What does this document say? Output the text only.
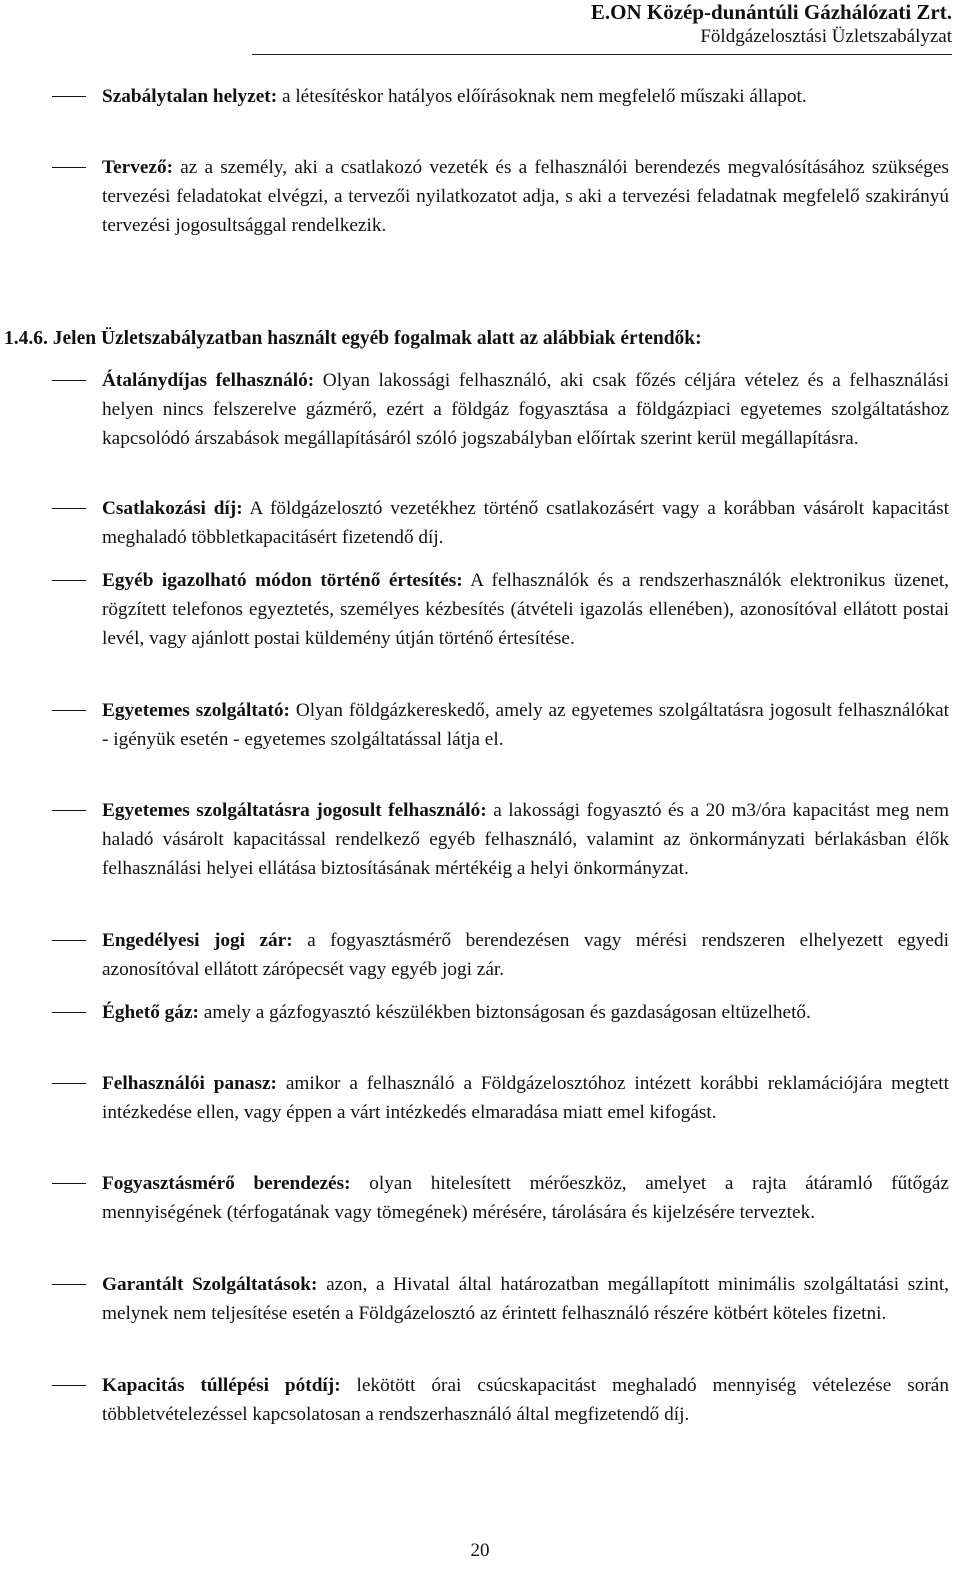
E.ON Közép-dunántúli Gázhálózati Zrt.
Földgázelosztási Üzletszabályzat
Szabálytalan helyzet: a létesítéskor hatályos előírásoknak nem megfelelő műszaki állapot.
Tervező: az a személy, aki a csatlakozó vezeték és a felhasználói berendezés megvalósításához szükséges tervezési feladatokat elvégzi, a tervezői nyilatkozatot adja, s aki a tervezési feladatnak megfelelő szakirányú tervezési jogosultsággal rendelkezik.
1.4.6. Jelen Üzletszabályzatban használt egyéb fogalmak alatt az alábbiak értendők:
Átalánydíjas felhasználó: Olyan lakossági felhasználó, aki csak főzés céljára vételez és a felhasználási helyen nincs felszerelve gázmérő, ezért a földgáz fogyasztása a földgázpiaci egyetemes szolgáltatáshoz kapcsolódó árszabások megállapításáról szóló jogszabályban előírtak szerint kerül megállapításra.
Csatlakozási díj: A földgázelosztó vezetékhez történő csatlakozásért vagy a korábban vásárolt kapacitást meghaladó többletkapacitásért fizetendő díj.
Egyéb igazolható módon történő értesítés: A felhasználók és a rendszerhasználók elektronikus üzenet, rögzített telefonos egyeztetés, személyes kézbesítés (átvételi igazolás ellenében), azonosítóval ellátott postai levél, vagy ajánlott postai küldemény útján történő értesítése.
Egyetemes szolgáltató: Olyan földgázkereskedő, amely az egyetemes szolgáltatásra jogosult felhasználókat - igényük esetén - egyetemes szolgáltatással látja el.
Egyetemes szolgáltatásra jogosult felhasználó: a lakossági fogyasztó és a 20 m3/óra kapacitást meg nem haladó vásárolt kapacitással rendelkező egyéb felhasználó, valamint az önkormányzati bérlakásban élők felhasználási helyei ellátása biztosításának mértékéig a helyi önkormányzat.
Engedélyesi jogi zár: a fogyasztásmérő berendezésen vagy mérési rendszeren elhelyezett egyedi azonosítóval ellátott zárópecsét vagy egyéb jogi zár.
Éghető gáz: amely a gázfogyasztó készülékben biztonságosan és gazdaságosan eltüzelhető.
Felhasználói panasz: amikor a felhasználó a Földgázelosztóhoz intézett korábbi reklamációjára megtett intézkedése ellen, vagy éppen a várt intézkedés elmaradása miatt emel kifogást.
Fogyasztásmérő berendezés: olyan hitelesített mérőeszköz, amelyet a rajta átáramló fűtőgáz mennyiségének (térfogatának vagy tömegének) mérésére, tárolására és kijelzésére terveztek.
Garantált Szolgáltatások: azon, a Hivatal által határozatban megállapított minimális szolgáltatási szint, melynek nem teljesítése esetén a Földgázelosztó az érintett felhasználó részére kötbért köteles fizetni.
Kapacitás túllépési pótdíj: lekötött órai csúcskapacitást meghaladó mennyiség vételezése során többletvételezéssel kapcsolatosan a rendszerhasználó által megfizetendő díj.
20
